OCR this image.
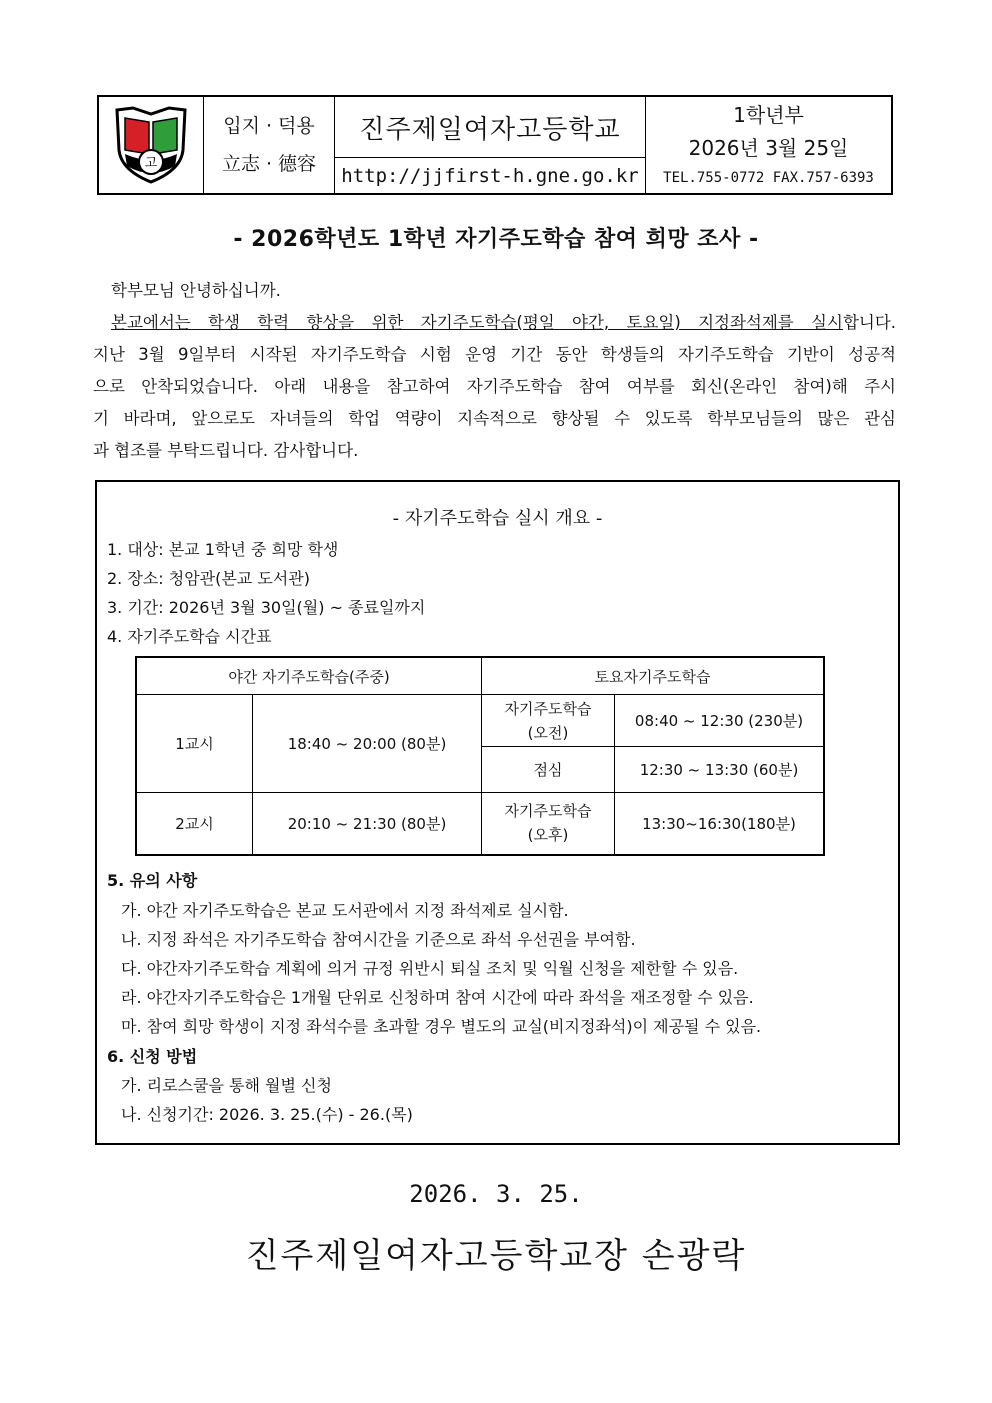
고
입지 · 덕용
立志 · 德容
진주제일여자고등학교
http://jjfirst-h.gne.go.kr
1학년부
2026년 3월 25일
TEL.755-0772 FAX.757-6393
- 2026학년도 1학년 자기주도학습 참여 희망 조사 -

학부모님 안녕하십니까.

본교에서는 학생 학력 향상을 위한 자기주도학습(평일 야간, 토요일) 지정좌석제를 실시합니다.

지난 3월 9일부터 시작된 자기주도학습 시험 운영 기간 동안 학생들의 자기주도학습 기반이 성공적

으로 안착되었습니다. 아래 내용을 참고하여 자기주도학습 참여 여부를 회신(온라인 참여)해 주시

기 바라며, 앞으로도 자녀들의 학업 역량이 지속적으로 향상될 수 있도록 학부모님들의 많은 관심

과 협조를 부탁드립니다. 감사합니다.

- 자기주도학습 실시 개요 -
1. 대상: 본교 1학년 중 희망 학생
2. 장소: 청암관(본교 도서관)
3. 기간: 2026년 3월 30일(월) ~ 종료일까지
4. 자기주도학습 시간표
야간 자기주도학습(주중)		토요자기주도학습	
1교시	18:40 ~ 20:00 (80분)	자기주도학습
(오전)	08:40 ~ 12:30 (230분)
		점심	12:30 ~ 13:30 (60분)
2교시	20:10 ~ 21:30 (80분)	자기주도학습
(오후)	13:30~16:30(180분)
5. 유의 사항
가. 야간 자기주도학습은 본교 도서관에서 지정 좌석제로 실시함.
나. 지정 좌석은 자기주도학습 참여시간을 기준으로 좌석 우선권을 부여함.
다. 야간자기주도학습 계획에 의거 규정 위반시 퇴실 조치 및 익월 신청을 제한할 수 있음.
라. 야간자기주도학습은 1개월 단위로 신청하며 참여 시간에 따라 좌석을 재조정할 수 있음.
마. 참여 희망 학생이 지정 좌석수를 초과할 경우 별도의 교실(비지정좌석)이 제공될 수 있음.
6. 신청 방법
가. 리로스쿨을 통해 월별 신청
나. 신청기간: 2026. 3. 25.(수) - 26.(목)
2026. 3. 25.
진주제일여자고등학교장 손광락
